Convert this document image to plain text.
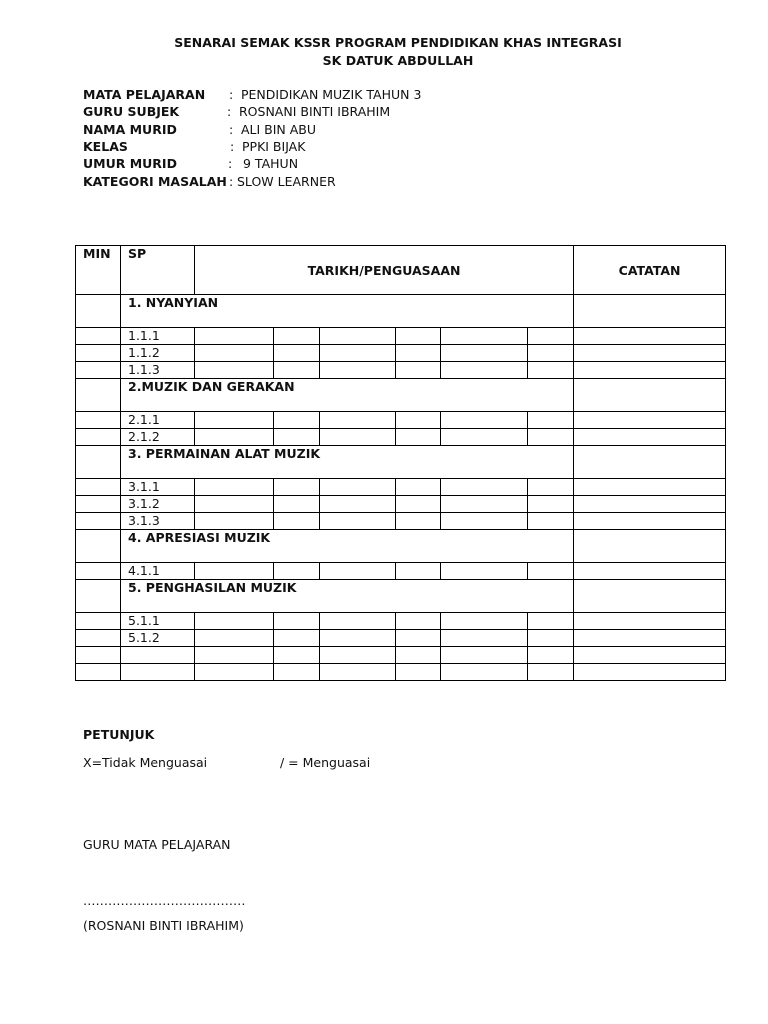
SENARAI SEMAK KSSR PROGRAM PENDIDIKAN KHAS INTEGRASI
SK DATUK ABDULLAH
MATA PELAJARAN : PENDIDIKAN MUZIK TAHUN 3
GURU SUBJEK	: ROSNANI BINTI IBRAHIM
NAMA MURID	: ALI BIN ABU
KELAS	: PPKI BIJAK
UMUR MURID	: 9 TAHUN
KATEGORI MASALAH : SLOW LEARNER
MIN	SP	TARIKH/PENGUASAAN						CATATAN
	1. NYANYIAN							
	1.1.1							
	1.1.2							
	1.1.3							
	2.MUZIK DAN GERAKAN							
	2.1.1							
	2.1.2							
	3. PERMAINAN ALAT MUZIK							
	3.1.1							
	3.1.2							
	3.1.3							
	4. APRESIASI MUZIK							
	4.1.1							
	5. PENGHASILAN MUZIK							
	5.1.1							
	5.1.2							

PETUNJUK
X=Tidak Menguasai	/ = Menguasai
GURU MATA PELAJARAN
…………………………………
(ROSNANI BINTI IBRAHIM)
